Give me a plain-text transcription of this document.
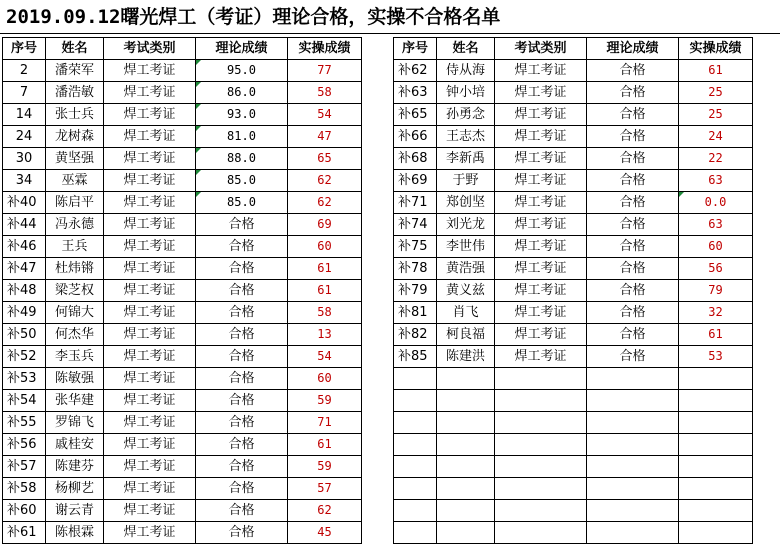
2019.09.12曙光焊工（考证）理论合格，实操不合格名单
序号	姓名	考试类别	理论成绩	实操成绩
2	潘荣军	焊工考证	95.0	77
7	潘浩敏	焊工考证	86.0	58
14	张士兵	焊工考证	93.0	54
24	龙树森	焊工考证	81.0	47
30	黄坚强	焊工考证	88.0	65
34	巫霖	焊工考证	85.0	62
补40	陈启平	焊工考证	85.0	62
补44	冯永德	焊工考证	合格	69
补46	王兵	焊工考证	合格	60
补47	杜炜锵	焊工考证	合格	61
补48	梁芝权	焊工考证	合格	61
补49	何锦大	焊工考证	合格	58
补50	何杰华	焊工考证	合格	13
补52	李玉兵	焊工考证	合格	54
补53	陈敏强	焊工考证	合格	60
补54	张华建	焊工考证	合格	59
补55	罗锦飞	焊工考证	合格	71
补56	戚桂安	焊工考证	合格	61
补57	陈建芬	焊工考证	合格	59
补58	杨柳艺	焊工考证	合格	57
补60	谢云青	焊工考证	合格	62
补61	陈根霖	焊工考证	合格	45
序号	姓名	考试类别	理论成绩	实操成绩
补62	侍从海	焊工考证	合格	61
补63	钟小培	焊工考证	合格	25
补65	孙勇念	焊工考证	合格	25
补66	王志杰	焊工考证	合格	24
补68	李新禹	焊工考证	合格	22
补69	于野	焊工考证	合格	63
补71	郑创坚	焊工考证	合格	0.0
补74	刘光龙	焊工考证	合格	63
补75	李世伟	焊工考证	合格	60
补78	黄浩强	焊工考证	合格	56
补79	黄义兹	焊工考证	合格	79
补81	肖飞	焊工考证	合格	32
补82	柯良福	焊工考证	合格	61
补85	陈建洪	焊工考证	合格	53
